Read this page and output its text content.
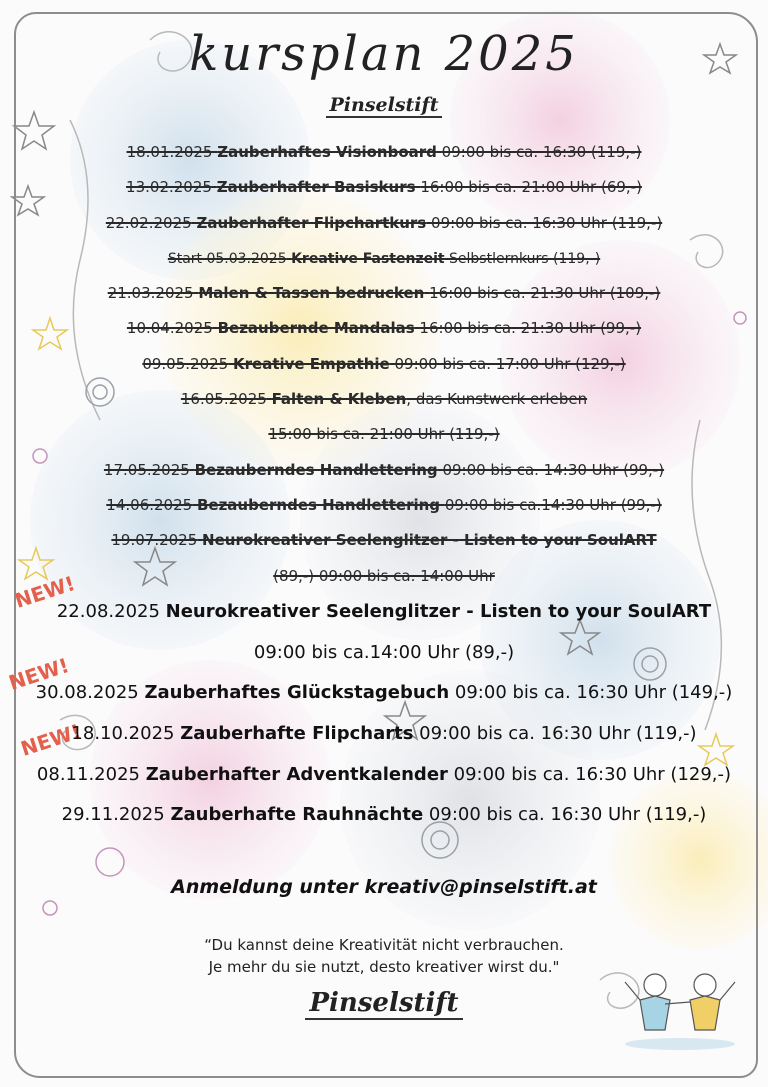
kursplan 2025
Pinselstift
18.01.2025 Zauberhaftes Visionboard 09:00 bis ca. 16:30 (119,-)
13.02.2025 Zauberhafter Basiskurs 16:00 bis ca. 21:00 Uhr (69,-)
22.02.2025 Zauberhafter Flipchartkurs 09:00 bis ca. 16:30 Uhr (119,-)
Start 05.03.2025 Kreative Fastenzeit Selbstlernkurs (119,-)
21.03.2025 Malen & Tassen bedrucken 16:00 bis ca. 21:30 Uhr (109,-)
10.04.2025 Bezaubernde Mandalas 16:00 bis ca. 21:30 Uhr (99,-)
09.05.2025 Kreative Empathie 09:00 bis ca. 17:00 Uhr (129,-)
16.05.2025 Falten & Kleben, das Kunstwerk erleben
15:00 bis ca. 21:00 Uhr (119,-)
17.05.2025 Bezauberndes Handlettering 09:00 bis ca. 14:30 Uhr (99,-)
14.06.2025 Bezauberndes Handlettering 09:00 bis ca.14:30 Uhr (99,-)
19.07.2025 Neurokreativer Seelenglitzer - Listen to your SoulART
(89,-) 09:00 bis ca. 14:00 Uhr
NEW!
NEW!
NEW!
22.08.2025 Neurokreativer Seelenglitzer - Listen to your SoulART
09:00 bis ca.14:00 Uhr (89,-)
30.08.2025 Zauberhaftes Glückstagebuch 09:00 bis ca. 16:30 Uhr (149,-)
18.10.2025 Zauberhafte Flipcharts 09:00 bis ca. 16:30 Uhr (119,-)
08.11.2025 Zauberhafter Adventkalender 09:00 bis ca. 16:30 Uhr (129,-)
29.11.2025 Zauberhafte Rauhnächte 09:00 bis ca. 16:30 Uhr (119,-)
Anmeldung unter kreativ@pinselstift.at
“Du kannst deine Kreativität nicht verbrauchen.
Je mehr du sie nutzt, desto kreativer wirst du."
Pinselstift
